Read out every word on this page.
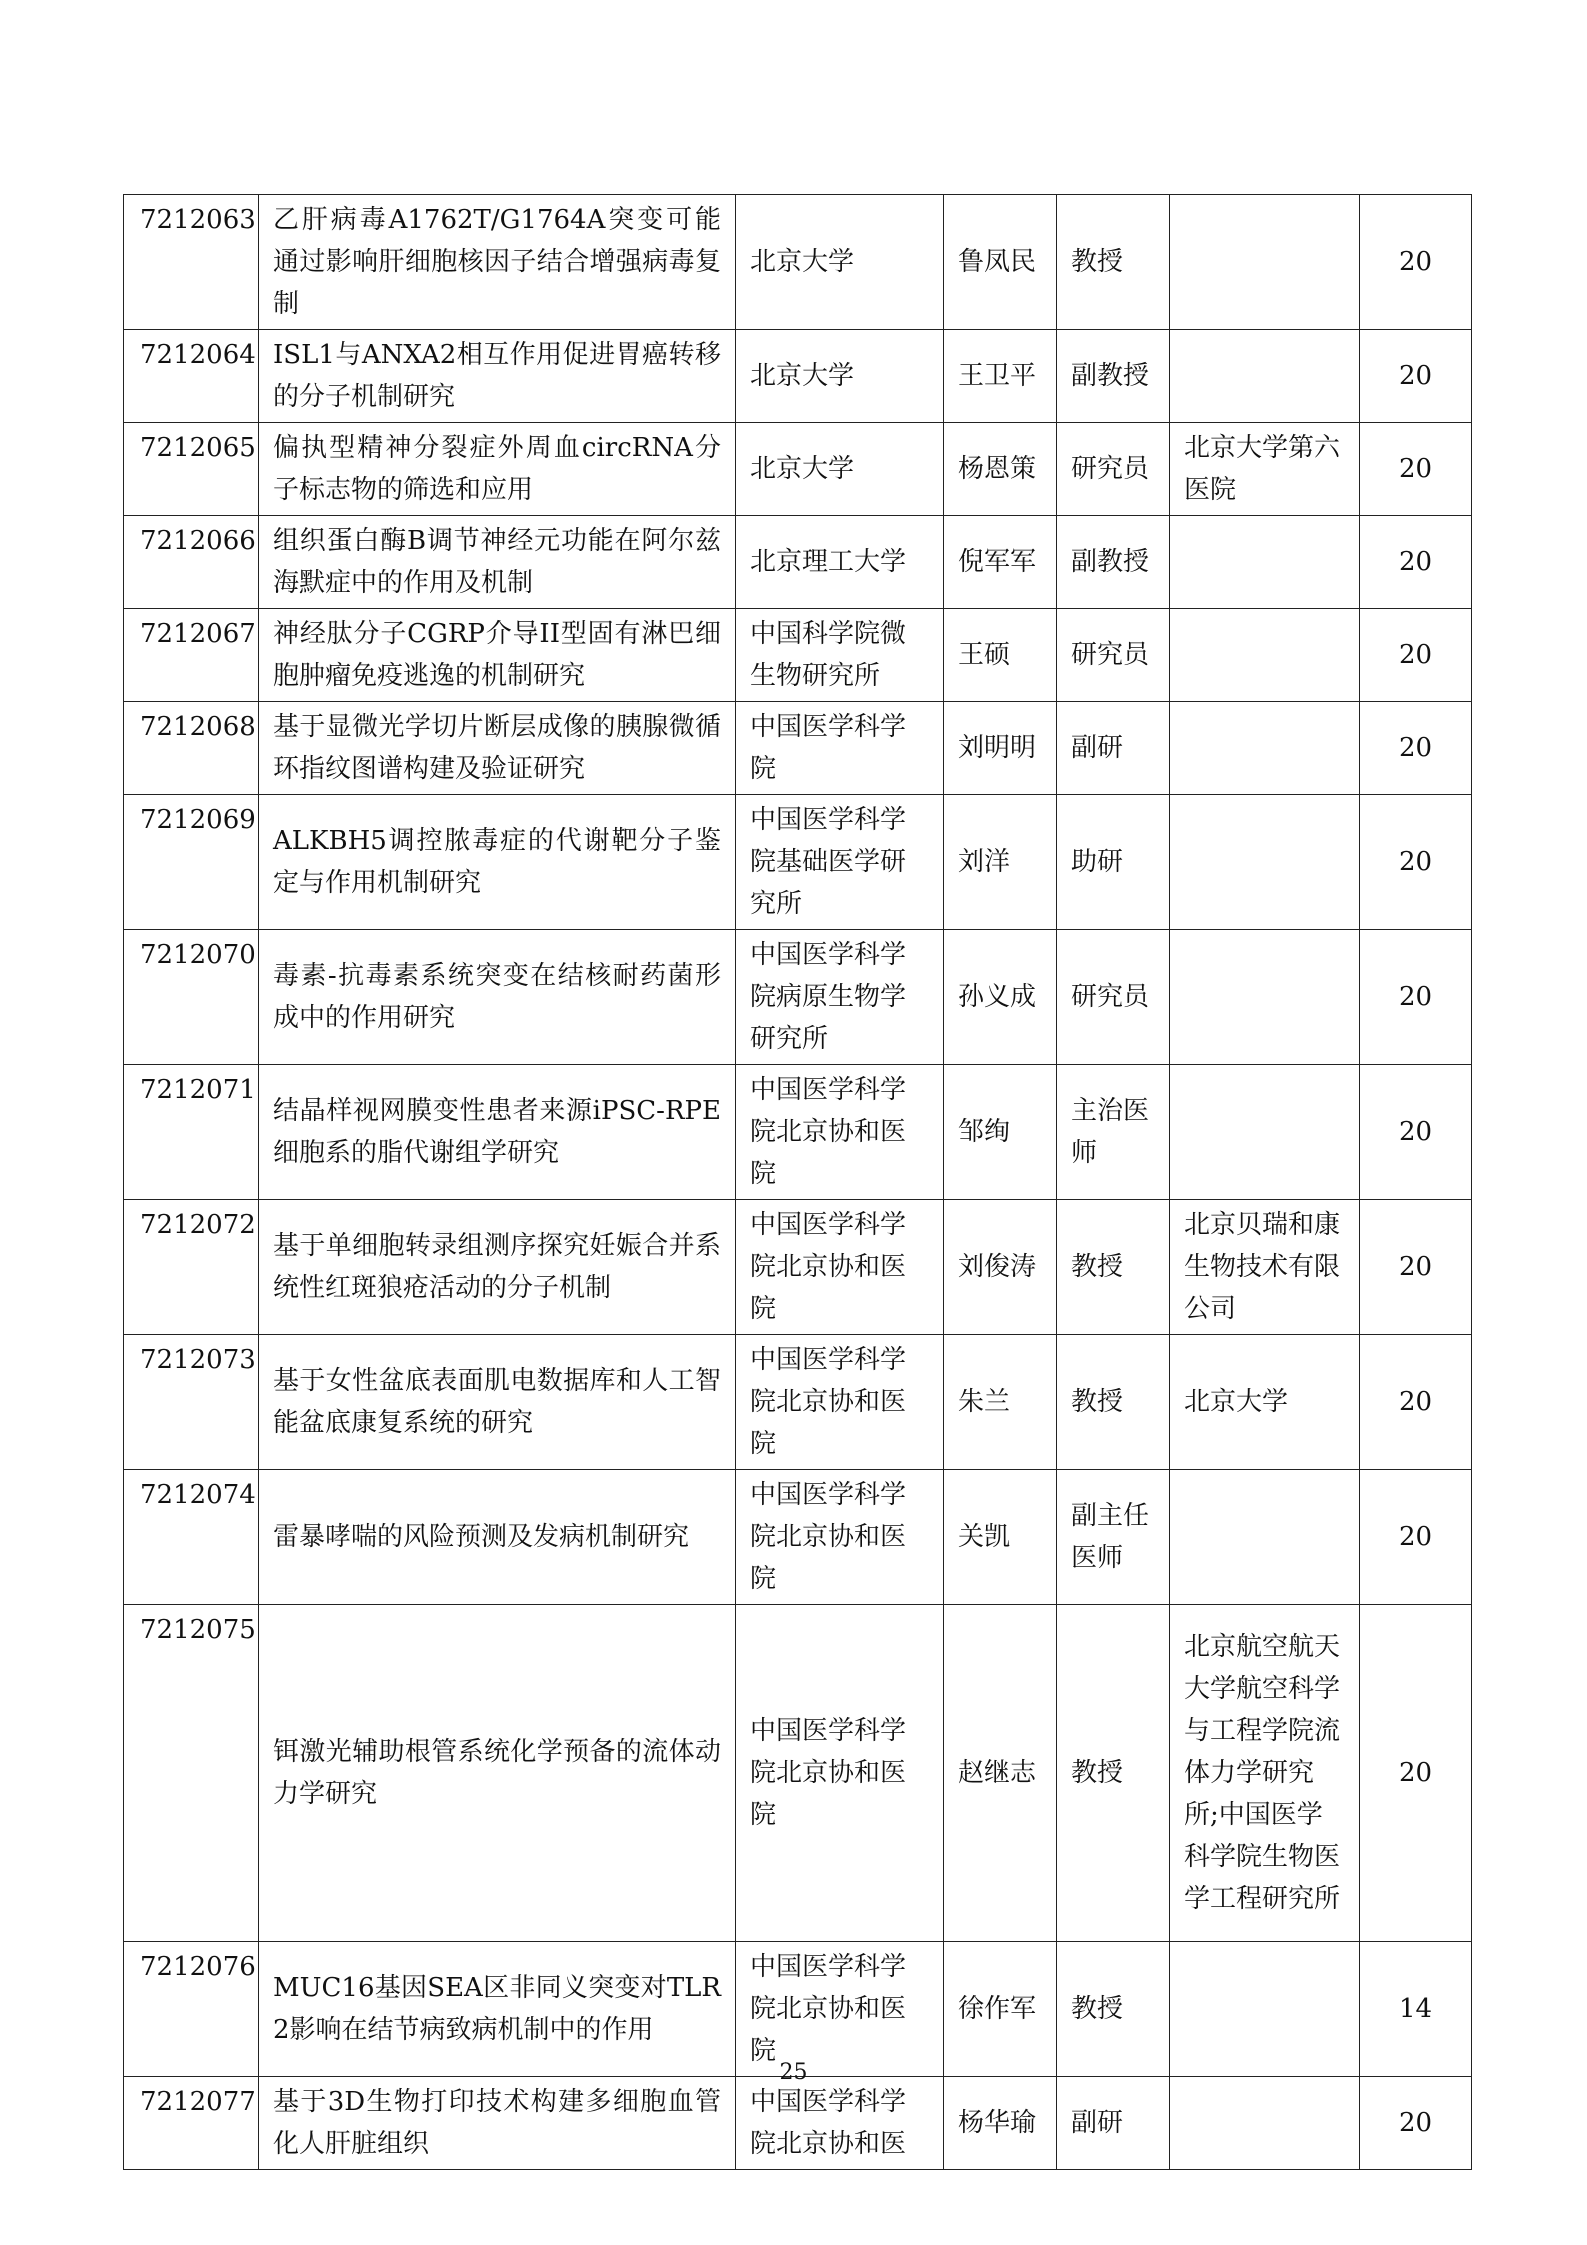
7212063	乙肝病毒A1762T/G1764A突变可能通过影响肝细胞核因子结合增强病毒复制	北京大学	鲁凤民	教授		20
7212064	ISL1与ANXA2相互作用促进胃癌转移的分子机制研究	北京大学	王卫平	副教授		20
7212065	偏执型精神分裂症外周血circRNA分子标志物的筛选和应用	北京大学	杨恩策	研究员	北京大学第六医院	20
7212066	组织蛋白酶B调节神经元功能在阿尔兹海默症中的作用及机制	北京理工大学	倪军军	副教授		20
7212067	神经肽分子CGRP介导II型固有淋巴细胞肿瘤免疫逃逸的机制研究	中国科学院微生物研究所	王硕	研究员		20
7212068	基于显微光学切片断层成像的胰腺微循环指纹图谱构建及验证研究	中国医学科学院	刘明明	副研		20
7212069	ALKBH5调控脓毒症的代谢靶分子鉴定与作用机制研究	中国医学科学院基础医学研究所	刘洋	助研		20
7212070	毒素-抗毒素系统突变在结核耐药菌形成中的作用研究	中国医学科学院病原生物学研究所	孙义成	研究员		20
7212071	结晶样视网膜变性患者来源iPSC-RPE细胞系的脂代谢组学研究	中国医学科学院北京协和医院	邹绚	主治医师		20
7212072	基于单细胞转录组测序探究妊娠合并系统性红斑狼疮活动的分子机制	中国医学科学院北京协和医院	刘俊涛	教授	北京贝瑞和康生物技术有限公司	20
7212073	基于女性盆底表面肌电数据库和人工智能盆底康复系统的研究	中国医学科学院北京协和医院	朱兰	教授	北京大学	20
7212074	雷暴哮喘的风险预测及发病机制研究	中国医学科学院北京协和医院	关凯	副主任医师		20
7212075	铒激光辅助根管系统化学预备的流体动力学研究	中国医学科学院北京协和医院	赵继志	教授	北京航空航天大学航空科学与工程学院流体力学研究所;中国医学科学院生物医学工程研究所	20
7212076	MUC16基因SEA区非同义突变对TLR2影响在结节病致病机制中的作用	中国医学科学院北京协和医院	徐作军	教授		14
7212077	基于3D生物打印技术构建多细胞血管化人肝脏组织	中国医学科学院北京协和医	杨华瑜	副研		20
25
